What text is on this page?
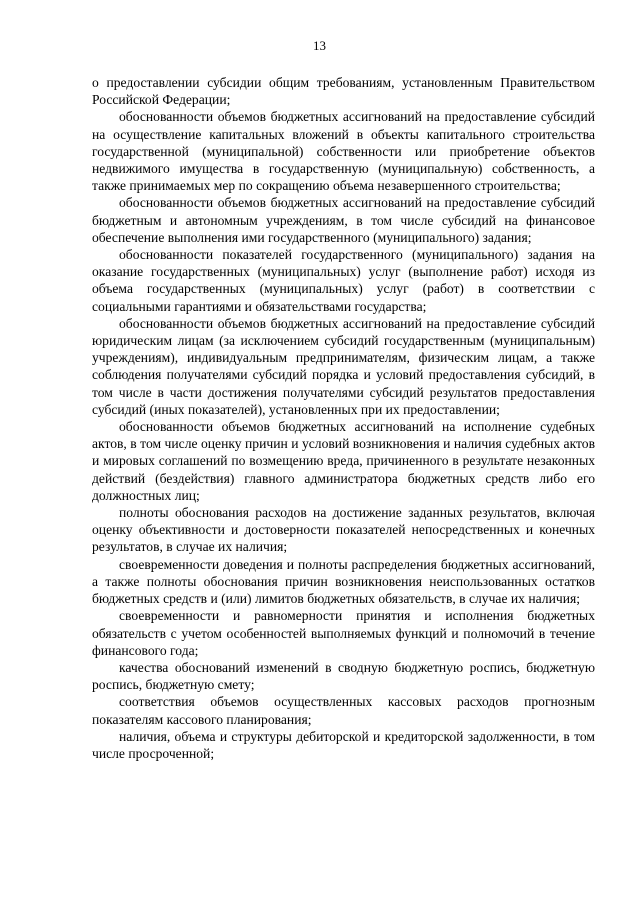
13

о предоставлении субсидии общим требованиям, установленным Правительством Российской Федерации;

обоснованности объемов бюджетных ассигнований на предоставление субсидий на осуществление капитальных вложений в объекты капитального строительства государственной (муниципальной) собственности или приобретение объектов недвижимого имущества в государственную (муниципальную) собственность, а также принимаемых мер по сокращению объема незавершенного строительства;

обоснованности объемов бюджетных ассигнований на предоставление субсидий бюджетным и автономным учреждениям, в том числе субсидий на финансовое обеспечение выполнения ими государственного (муниципального) задания;

обоснованности показателей государственного (муниципального) задания на оказание государственных (муниципальных) услуг (выполнение работ) исходя из объема государственных (муниципальных) услуг (работ) в соответствии с социальными гарантиями и обязательствами государства;

обоснованности объемов бюджетных ассигнований на предоставление субсидий юридическим лицам (за исключением субсидий государственным (муниципальным) учреждениям), индивидуальным предпринимателям, физическим лицам, а также соблюдения получателями субсидий порядка и условий предоставления субсидий, в том числе в части достижения получателями субсидий результатов предоставления субсидий (иных показателей), установленных при их предоставлении;

обоснованности объемов бюджетных ассигнований на исполнение судебных актов, в том числе оценку причин и условий возникновения и наличия судебных актов и мировых соглашений по возмещению вреда, причиненного в результате незаконных действий (бездействия) главного администратора бюджетных средств либо его должностных лиц;

полноты обоснования расходов на достижение заданных результатов, включая оценку объективности и достоверности показателей непосредственных и конечных результатов, в случае их наличия;

своевременности доведения и полноты распределения бюджетных ассигнований, а также полноты обоснования причин возникновения неиспользованных остатков бюджетных средств и (или) лимитов бюджетных обязательств, в случае их наличия;

своевременности и равномерности принятия и исполнения бюджетных обязательств с учетом особенностей выполняемых функций и полномочий в течение финансового года;

качества обоснований изменений в сводную бюджетную роспись, бюджетную роспись, бюджетную смету;

соответствия объемов осуществленных кассовых расходов прогнозным показателям кассового планирования;

наличия, объема и структуры дебиторской и кредиторской задолженности, в том числе просроченной;
